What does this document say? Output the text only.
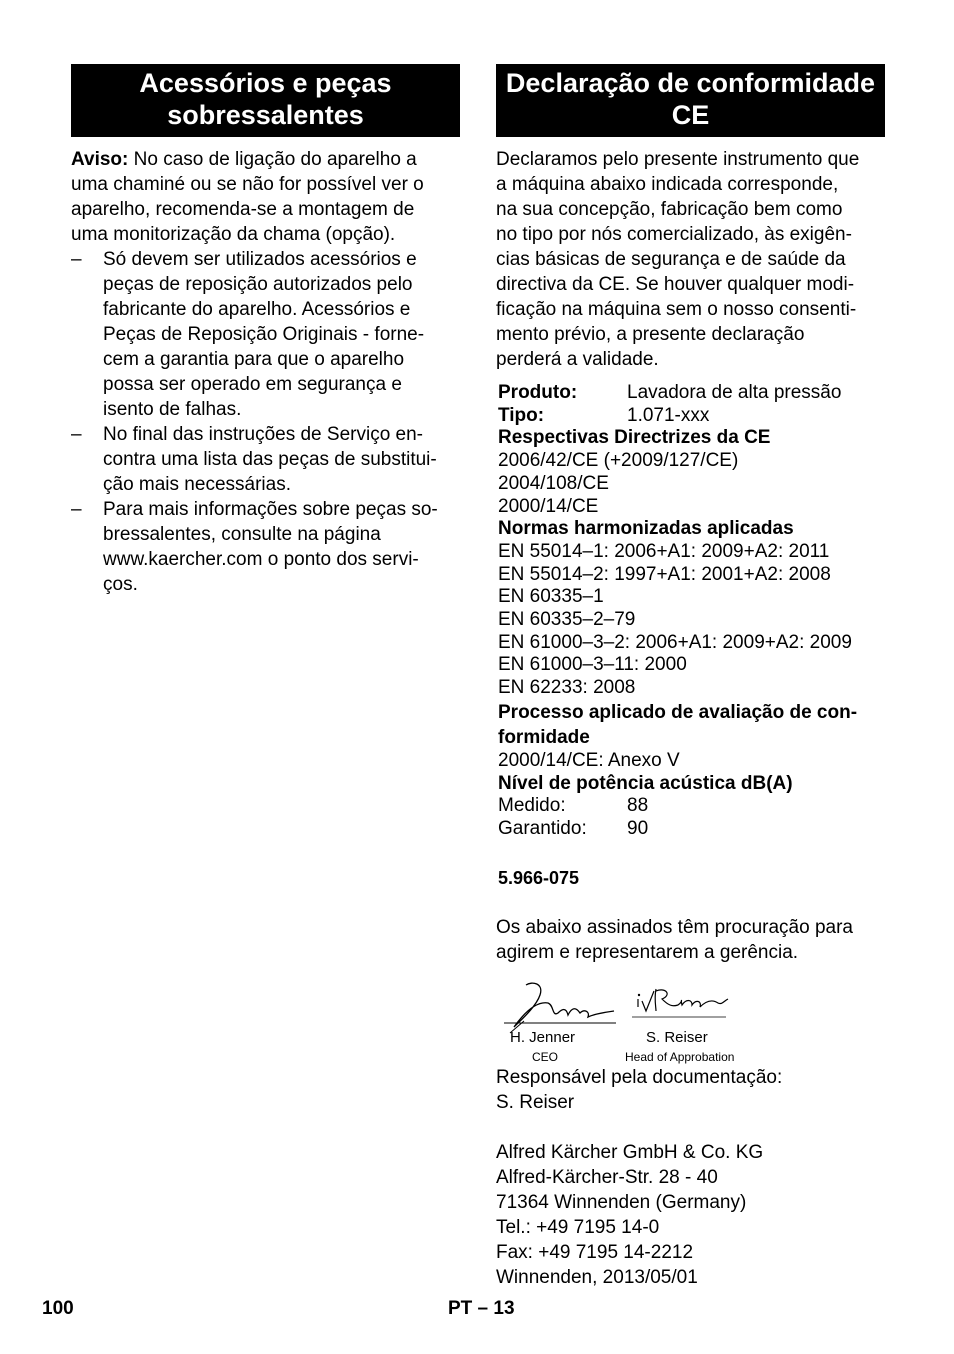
Acessórios e peças
sobressalentes
Aviso: No caso de ligação do aparelho a
uma chaminé ou se não for possível ver o
aparelho, recomenda-se a montagem de
uma monitorização da chama (opção).
– Só devem ser utilizados acessórios e
peças de reposição autorizados pelo
fabricante do aparelho. Acessórios e
Peças de Reposição Originais - forne-
cem a garantia para que o aparelho
possa ser operado em segurança e
isento de falhas.
– No final das instruções de Serviço en-
contra uma lista das peças de substitui-
ção mais necessárias.
– Para mais informações sobre peças so-
bressalentes, consulte na página
www.kaercher.com o ponto dos servi-
ços.
Declaração de conformidade
CE
Declaramos pelo presente instrumento que
a máquina abaixo indicada corresponde,
na sua concepção, fabricação bem como
no tipo por nós comercializado, às exigên-
cias básicas de segurança e de saúde da
directiva da CE. Se houver qualquer modi-
ficação na máquina sem o nosso consenti-
mento prévio, a presente declaração
perderá a validade.
Produto:	Lavadora de alta pressão
Tipo:	1.071-xxx
Respectivas Directrizes da CE
2006/42/CE (+2009/127/CE)
2004/108/CE
2000/14/CE
Normas harmonizadas aplicadas
EN 55014–1: 2006+A1: 2009+A2: 2011
EN 55014–2: 1997+A1: 2001+A2: 2008
EN 60335–1
EN 60335–2–79
EN 61000–3–2: 2006+A1: 2009+A2: 2009
EN 61000–3–11: 2000
EN 62233: 2008
Processo aplicado de avaliação de con-
formidade
2000/14/CE: Anexo V
Nível de potência acústica dB(A)
Medido:	88
Garantido:	90
5.966-075
Os abaixo assinados têm procuração para
agirem e representarem a gerência.
H. Jenner
CEO
S. Reiser
Head of Approbation
Responsável pela documentação:
S. Reiser
Alfred Kärcher GmbH & Co. KG
Alfred-Kärcher-Str. 28 - 40
71364 Winnenden (Germany)
Tel.: +49 7195 14-0
Fax: +49 7195 14-2212
Winnenden, 2013/05/01
100	PT – 13
